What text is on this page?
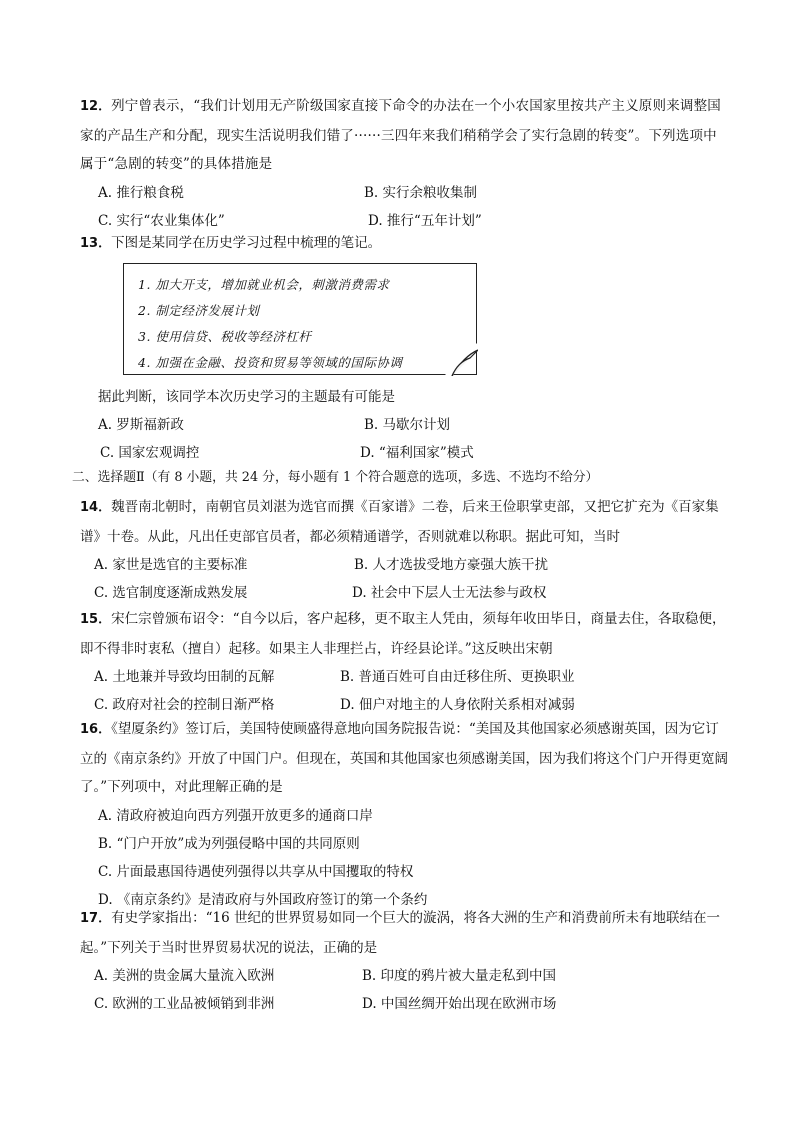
12．列宁曾表示，“我们计划用无产阶级国家直接下命令的办法在一个小农国家里按共产主义原则来调整国家的产品生产和分配，现实生活说明我们错了······三四年来我们稍稍学会了实行急剧的转变”。下列选项中属于“急剧的转变”的具体措施是

A. 推行粮食税	B. 实行余粮收集制
C. 实行“农业集体化”	D. 推行“五年计划”

13．下图是某同学在历史学习过程中梳理的笔记。

1. 加大开支，增加就业机会，刺激消费需求
2. 制定经济发展计划
3. 使用信贷、税收等经济杠杆
4. 加强在金融、投资和贸易等领域的国际协调
据此判断，该同学本次历史学习的主题最有可能是
A. 罗斯福新政	B. 马歇尔计划
C. 国家宏观调控	D. “福利国家”模式
二、选择题Ⅱ（有 8 小题，共 24 分，每小题有 1 个符合题意的选项，多选、不选均不给分）

14．魏晋南北朝时，南朝官员刘湛为选官而撰《百家谱》二卷，后来王俭职掌吏部，又把它扩充为《百家集谱》十卷。从此，凡出任吏部官员者，都必须精通谱学，否则就难以称职。据此可知，当时

A. 家世是选官的主要标准	B. 人才选拔受地方豪强大族干扰
C. 选官制度逐渐成熟发展	D. 社会中下层人士无法参与政权

15．宋仁宗曾颁布诏令：“自今以后，客户起移，更不取主人凭由，须每年收田毕日，商量去住，各取稳便，即不得非时衷私（擅自）起移。如果主人非理拦占，许经县论详。”这反映出宋朝

A. 土地兼并导致均田制的瓦解	B. 普通百姓可自由迁移住所、更换职业
C. 政府对社会的控制日渐严格	D. 佃户对地主的人身依附关系相对减弱

16．《望厦条约》签订后，美国特使顾盛得意地向国务院报告说：“美国及其他国家必须感谢英国，因为它订立的《南京条约》开放了中国门户。但现在，英国和其他国家也须感谢美国，因为我们将这个门户开得更宽阔了。”下列项中，对此理解正确的是

A. 清政府被迫向西方列强开放更多的通商口岸
B. “门户开放”成为列强侵略中国的共同原则
C. 片面最惠国待遇使列强得以共享从中国攫取的特权
D. 《南京条约》是清政府与外国政府签订的第一个条约

17．有史学家指出：“16 世纪的世界贸易如同一个巨大的漩涡，将各大洲的生产和消费前所未有地联结在一起。”下列关于当时世界贸易状况的说法，正确的是

A. 美洲的贵金属大量流入欧洲	B. 印度的鸦片被大量走私到中国
C. 欧洲的工业品被倾销到非洲	D. 中国丝绸开始出现在欧洲市场
